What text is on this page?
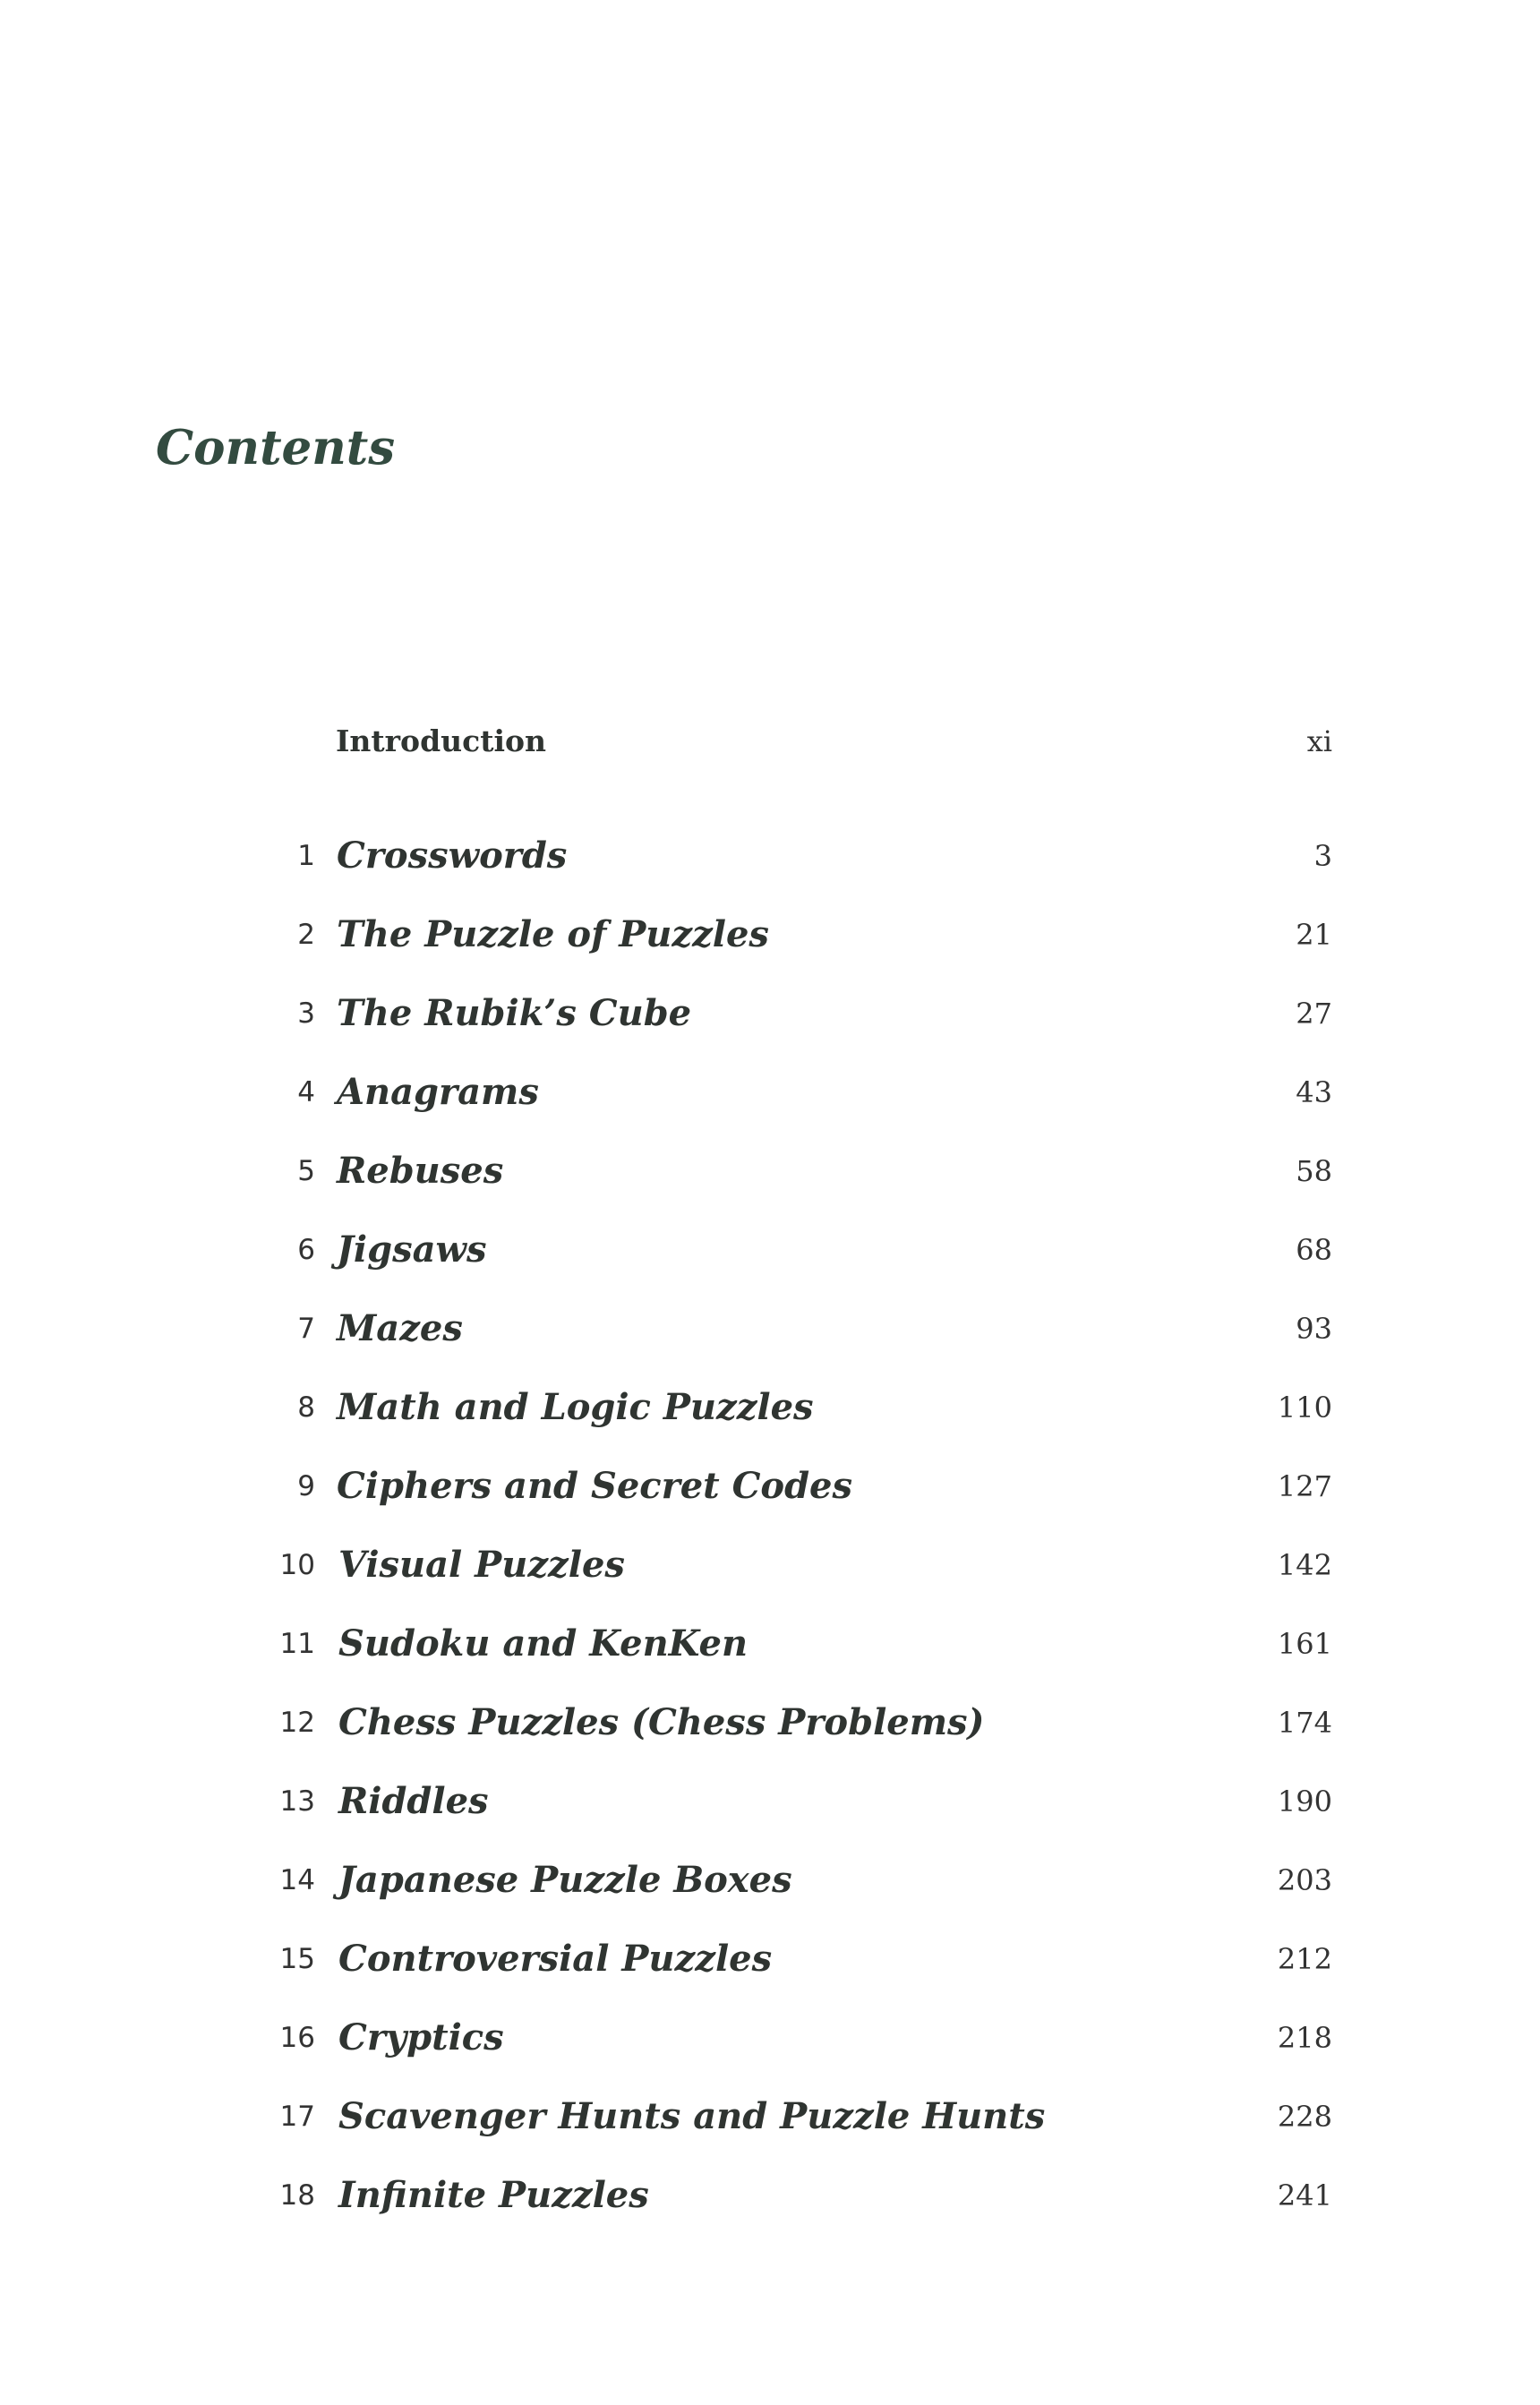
Contents
Introduction	xi
1 Crosswords	3
2 The Puzzle of Puzzles	21
3 The Rubik’s Cube	27
4 Anagrams	43
5 Rebuses	58
6 Jigsaws	68
7 Mazes	93
8 Math and Logic Puzzles	110
9 Ciphers and Secret Codes	127
10 Visual Puzzles	142
11 Sudoku and KenKen	161
12 Chess Puzzles (Chess Problems)	174
13 Riddles	190
14 Japanese Puzzle Boxes	203
15 Controversial Puzzles	212
16 Cryptics	218
17 Scavenger Hunts and Puzzle Hunts	228
18 Infinite Puzzles	241
